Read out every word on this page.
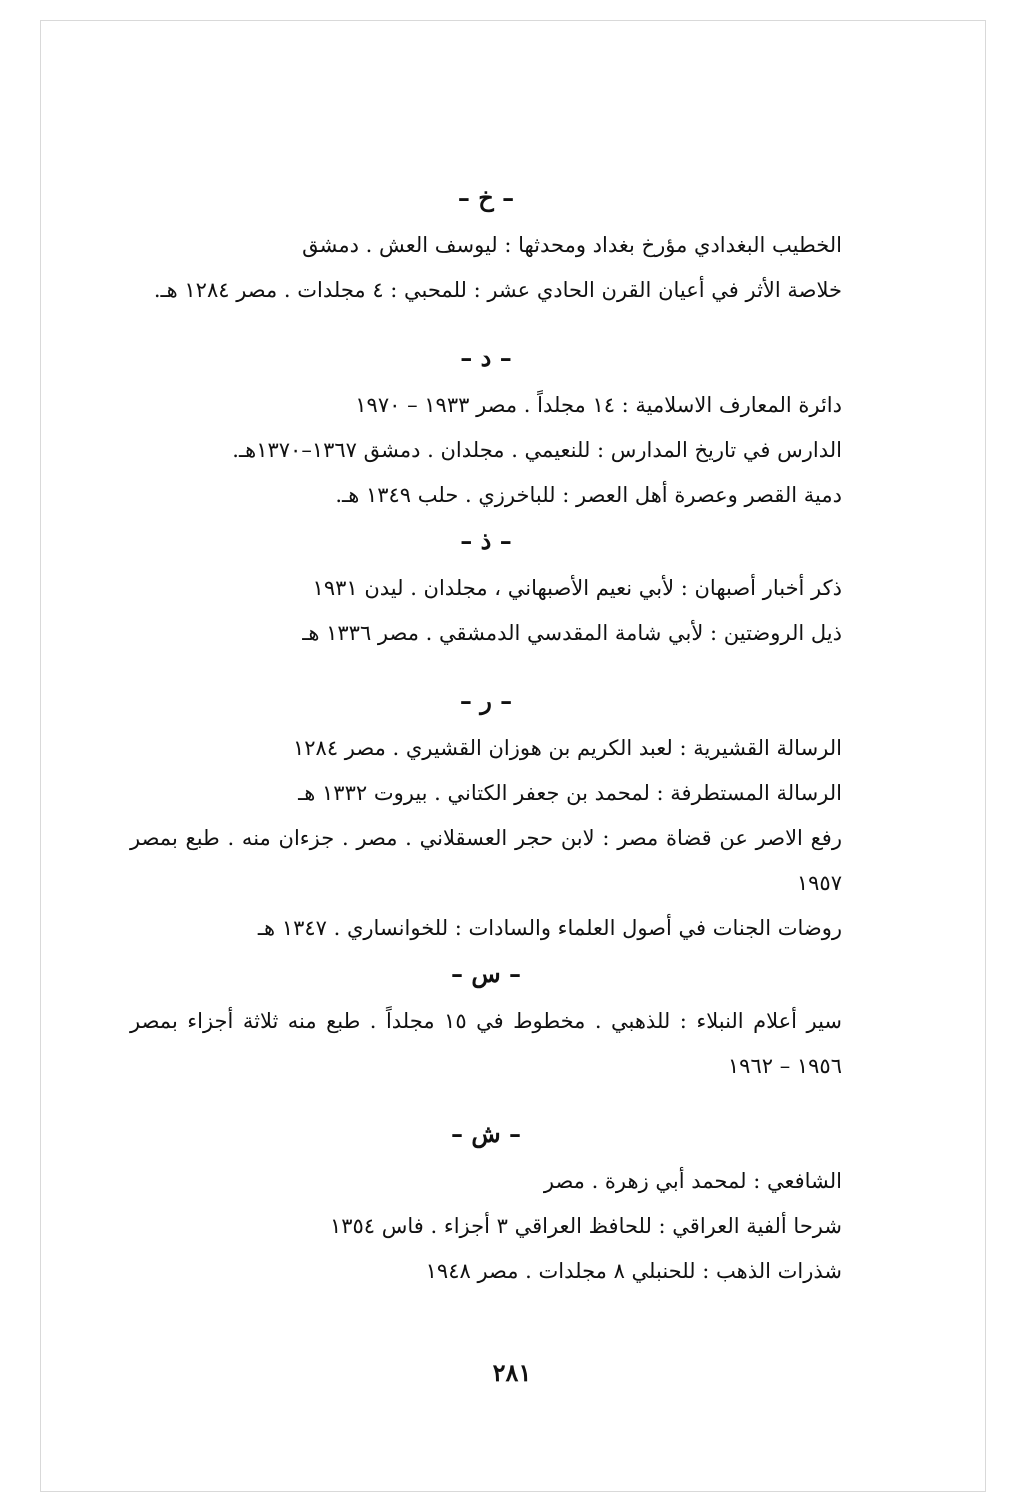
– خ –
الخطيب البغدادي مؤرخ بغداد ومحدثها : ليوسف العش . دمشق
خلاصة الأثر في أعيان القرن الحادي عشر : للمحبي : ٤ مجلدات . مصر ١٢٨٤ هـ.
– د –
دائرة المعارف الاسلامية : ١٤ مجلداً . مصر ١٩٣٣ – ١٩٧٠
الدارس في تاريخ المدارس : للنعيمي . مجلدان . دمشق ١٣٦٧–١٣٧٠هـ.
دمية القصر وعصرة أهل العصر : للباخرزي . حلب ١٣٤٩ هـ.
– ذ –
ذكر أخبار أصبهان : لأبي نعيم الأصبهاني ، مجلدان . ليدن ١٩٣١
ذيل الروضتين : لأبي شامة المقدسي الدمشقي . مصر ١٣٣٦ هـ
– ر –
الرسالة القشيرية : لعبد الكريم بن هوزان القشيري . مصر ١٢٨٤
الرسالة المستطرفة : لمحمد بن جعفر الكتاني . بيروت ١٣٣٢ هـ
رفع الاصر عن قضاة مصر : لابن حجر العسقلاني . مصر . جزءان منه . طبع بمصر ١٩٥٧
روضات الجنات في أصول العلماء والسادات : للخوانساري . ١٣٤٧ هـ
– س –
سير أعلام النبلاء : للذهبي . مخطوط في ١٥ مجلداً . طبع منه ثلاثة أجزاء بمصر ١٩٥٦ – ١٩٦٢
– ش –
الشافعي : لمحمد أبي زهرة . مصر
شرحا ألفية العراقي : للحافظ العراقي ٣ أجزاء . فاس ١٣٥٤
شذرات الذهب : للحنبلي ٨ مجلدات . مصر ١٩٤٨
٢٨١
